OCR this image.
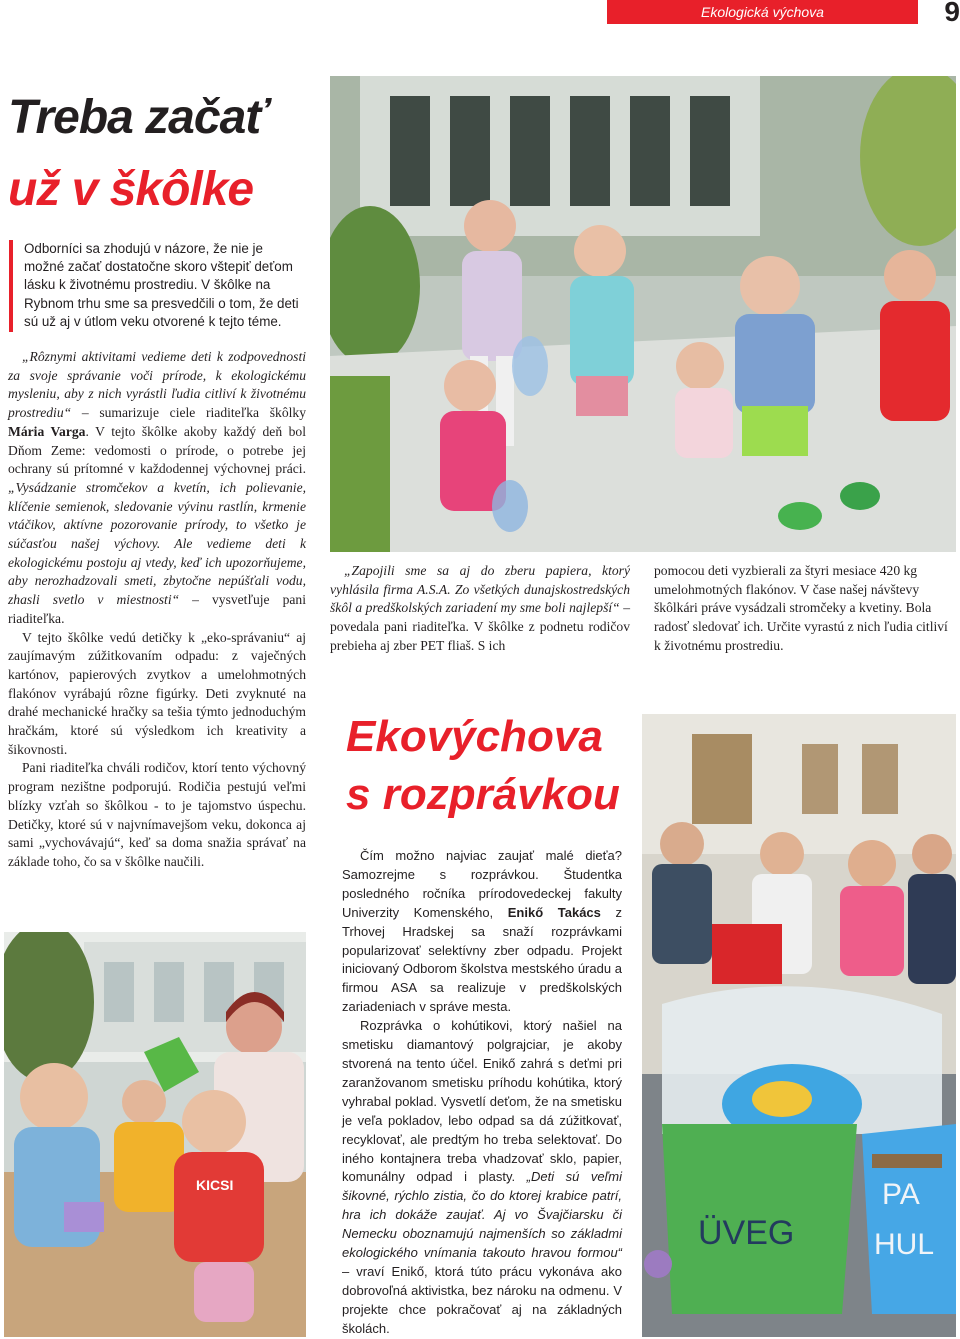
Ekologická výchova	9
Treba začať
už v škôlke

Odborníci sa zhodujú v názore, že nie je možné začať dostatočne skoro vštepiť deťom lásku k životnému prostrediu. V škôlke na Rybnom trhu sme sa presvedčili o tom, že deti sú už aj v útlom veku otvorené k tejto téme.

„Rôznymi aktivitami vedieme deti k zodpovednosti za svoje správanie voči prírode, k ekologickému mysleniu, aby z nich vyrástli ľudia citliví k životnému prostrediu“ – sumarizuje ciele riaditeľka škôlky Mária Varga. V tejto škôlke akoby každý deň bol Dňom Zeme: vedomosti o prírode, o potrebe jej ochrany sú prítomné v každodennej výchovnej práci. „Vysádzanie stromčekov a kvetín, ich polievanie, klíčenie semienok, sledovanie vývinu rastlín, krmenie vtáčikov, aktívne pozorovanie prírody, to všetko je súčasťou našej výchovy. Ale vedieme deti k ekologickému postoju aj vtedy, keď ich upozorňujeme, aby nerozhadzovali smeti, zbytočne nepúšťali vodu, zhasli svetlo v miestnosti“ – vysvetľuje pani riaditeľka.

V tejto škôlke vedú detičky k „eko-správaniu“ aj zaujímavým zúžitkovaním odpadu: z vaječných kartónov, papierových zvytkov a umelohmotných flakónov vyrábajú rôzne figúrky. Deti zvyknuté na drahé mechanické hračky sa tešia týmto jednoduchým hračkám, ktoré sú výsledkom ich kreativity a šikovnosti.

Pani riaditeľka chváli rodičov, ktorí tento výchovný program nezištne podporujú. Rodičia pestujú veľmi blízky vzťah so škôlkou - to je tajomstvo úspechu. Detičky, ktoré sú v najvnímavejšom veku, dokonca aj sami „vychovávajú“, keď sa doma snažia správať na základe toho, čo sa v škôlke naučili.

„Zapojili sme sa aj do zberu papiera, ktorý vyhlásila firma A.S.A. Zo všetkých dunajskostredských škôl a predškolských zariadení my sme boli najlepší“ – povedala pani riaditeľka. V škôlke z podnetu rodičov prebieha aj zber PET fliaš. S ich

pomocou deti vyzbierali za štyri mesiace 420 kg umelohmotných flakónov. V čase našej návštevy škôlkári práve vysádzali stromčeky a kvetiny. Bola radosť sledovať ich. Určite vyrastú z nich ľudia citliví k životnému prostrediu.

Ekovýchova
s rozprávkou

Čím možno najviac zaujať malé dieťa? Samozrejme s rozprávkou. Študentka posledného ročníka prírodovedeckej fakulty Univerzity Komenského, Enikő Takács z Trhovej Hradskej sa snaží rozprávkami popularizovať selektívny zber odpadu. Projekt iniciovaný Odborom školstva mestského úradu a firmou ASA sa realizuje v predškolských zariadeniach v správe mesta.

Rozprávka o kohútikovi, ktorý našiel na smetisku diamantový polgrajciar, je akoby stvorená na tento účel. Enikő zahrá s deťmi pri zaranžovanom smetisku príhodu kohútika, ktorý vyhrabal poklad. Vysvetlí deťom, že na smetisku je veľa pokladov, lebo odpad sa dá zúžitkovať, recyklovať, ale predtým ho treba selektovať. Do iného kontajnera treba vhadzovať sklo, papier, komunálny odpad i plasty. „Deti sú veľmi šikovné, rýchlo zistia, čo do ktorej krabice patrí, hra ich dokáže zaujať. Aj vo Švajčiarsku či Nemecku oboznamujú najmenších so základmi ekologického vnímania takouto hravou formou“ – vraví Enikő, ktorá túto prácu vykonáva ako dobrovoľná aktivistka, bez nároku na odmenu. V projekte chce pokračovať aj na základných školách.

KICSI
ÜVEG
PA
HUL
